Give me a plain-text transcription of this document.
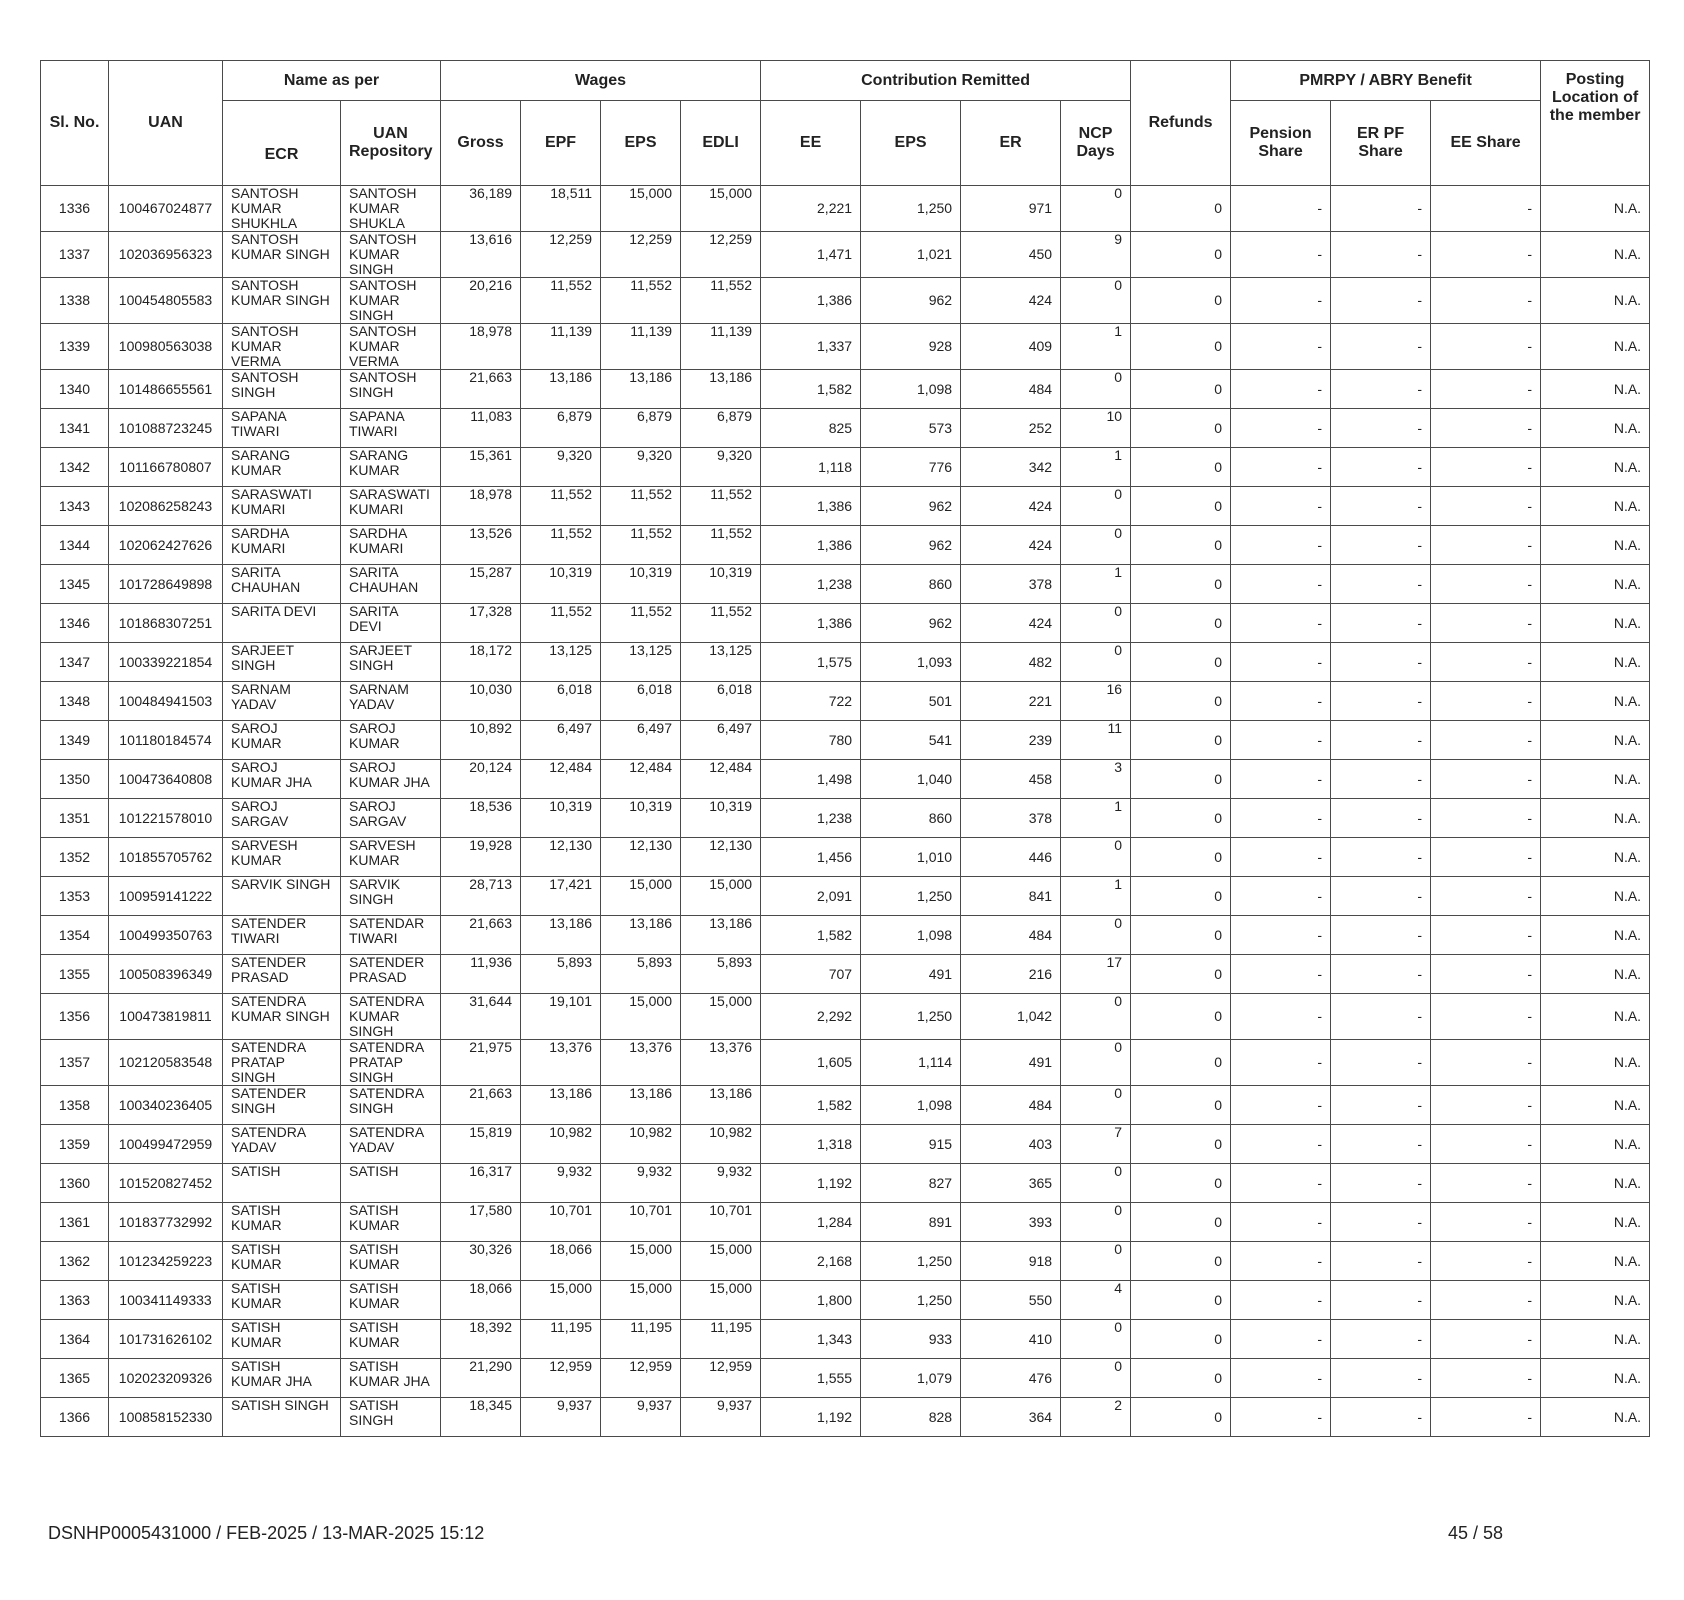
Sl. No.	UAN	Name as per		Wages				Contribution Remitted				Refunds	PMRPY / ABRY Benefit			Posting Location of the member
		ECR	UAN Repository	Gross	EPF	EPS	EDLI	EE	EPS	ER	NCP Days		Pension Share	ER PF Share	EE Share	
1336	100467024877	SANTOSH KUMAR SHUKHLA	SANTOSH KUMAR SHUKLA	36,189	18,511	15,000	15,000	2,221	1,250	971	0	0	-	-	-	N.A.
1337	102036956323	SANTOSH KUMAR SINGH	SANTOSH KUMAR SINGH	13,616	12,259	12,259	12,259	1,471	1,021	450	9	0	-	-	-	N.A.
1338	100454805583	SANTOSH KUMAR SINGH	SANTOSH KUMAR SINGH	20,216	11,552	11,552	11,552	1,386	962	424	0	0	-	-	-	N.A.
1339	100980563038	SANTOSH KUMAR VERMA	SANTOSH KUMAR VERMA	18,978	11,139	11,139	11,139	1,337	928	409	1	0	-	-	-	N.A.
1340	101486655561	SANTOSH SINGH	SANTOSH SINGH	21,663	13,186	13,186	13,186	1,582	1,098	484	0	0	-	-	-	N.A.
1341	101088723245	SAPANA TIWARI	SAPANA TIWARI	11,083	6,879	6,879	6,879	825	573	252	10	0	-	-	-	N.A.
1342	101166780807	SARANG KUMAR	SARANG KUMAR	15,361	9,320	9,320	9,320	1,118	776	342	1	0	-	-	-	N.A.
1343	102086258243	SARASWATI KUMARI	SARASWATI KUMARI	18,978	11,552	11,552	11,552	1,386	962	424	0	0	-	-	-	N.A.
1344	102062427626	SARDHA KUMARI	SARDHA KUMARI	13,526	11,552	11,552	11,552	1,386	962	424	0	0	-	-	-	N.A.
1345	101728649898	SARITA CHAUHAN	SARITA CHAUHAN	15,287	10,319	10,319	10,319	1,238	860	378	1	0	-	-	-	N.A.
1346	101868307251	SARITA DEVI	SARITA DEVI	17,328	11,552	11,552	11,552	1,386	962	424	0	0	-	-	-	N.A.
1347	100339221854	SARJEET SINGH	SARJEET SINGH	18,172	13,125	13,125	13,125	1,575	1,093	482	0	0	-	-	-	N.A.
1348	100484941503	SARNAM YADAV	SARNAM YADAV	10,030	6,018	6,018	6,018	722	501	221	16	0	-	-	-	N.A.
1349	101180184574	SAROJ KUMAR	SAROJ KUMAR	10,892	6,497	6,497	6,497	780	541	239	11	0	-	-	-	N.A.
1350	100473640808	SAROJ KUMAR JHA	SAROJ KUMAR JHA	20,124	12,484	12,484	12,484	1,498	1,040	458	3	0	-	-	-	N.A.
1351	101221578010	SAROJ SARGAV	SAROJ SARGAV	18,536	10,319	10,319	10,319	1,238	860	378	1	0	-	-	-	N.A.
1352	101855705762	SARVESH KUMAR	SARVESH KUMAR	19,928	12,130	12,130	12,130	1,456	1,010	446	0	0	-	-	-	N.A.
1353	100959141222	SARVIK SINGH	SARVIK SINGH	28,713	17,421	15,000	15,000	2,091	1,250	841	1	0	-	-	-	N.A.
1354	100499350763	SATENDER TIWARI	SATENDAR TIWARI	21,663	13,186	13,186	13,186	1,582	1,098	484	0	0	-	-	-	N.A.
1355	100508396349	SATENDER PRASAD	SATENDER PRASAD	11,936	5,893	5,893	5,893	707	491	216	17	0	-	-	-	N.A.
1356	100473819811	SATENDRA KUMAR SINGH	SATENDRA KUMAR SINGH	31,644	19,101	15,000	15,000	2,292	1,250	1,042	0	0	-	-	-	N.A.
1357	102120583548	SATENDRA PRATAP SINGH	SATENDRA PRATAP SINGH	21,975	13,376	13,376	13,376	1,605	1,114	491	0	0	-	-	-	N.A.
1358	100340236405	SATENDER SINGH	SATENDRA SINGH	21,663	13,186	13,186	13,186	1,582	1,098	484	0	0	-	-	-	N.A.
1359	100499472959	SATENDRA YADAV	SATENDRA YADAV	15,819	10,982	10,982	10,982	1,318	915	403	7	0	-	-	-	N.A.
1360	101520827452	SATISH	SATISH	16,317	9,932	9,932	9,932	1,192	827	365	0	0	-	-	-	N.A.
1361	101837732992	SATISH KUMAR	SATISH KUMAR	17,580	10,701	10,701	10,701	1,284	891	393	0	0	-	-	-	N.A.
1362	101234259223	SATISH KUMAR	SATISH KUMAR	30,326	18,066	15,000	15,000	2,168	1,250	918	0	0	-	-	-	N.A.
1363	100341149333	SATISH KUMAR	SATISH KUMAR	18,066	15,000	15,000	15,000	1,800	1,250	550	4	0	-	-	-	N.A.
1364	101731626102	SATISH KUMAR	SATISH KUMAR	18,392	11,195	11,195	11,195	1,343	933	410	0	0	-	-	-	N.A.
1365	102023209326	SATISH KUMAR JHA	SATISH KUMAR JHA	21,290	12,959	12,959	12,959	1,555	1,079	476	0	0	-	-	-	N.A.
1366	100858152330	SATISH SINGH	SATISH SINGH	18,345	9,937	9,937	9,937	1,192	828	364	2	0	-	-	-	N.A.
DSNHP0005431000 / FEB-2025 / 13-MAR-2025 15:12	45 / 58
